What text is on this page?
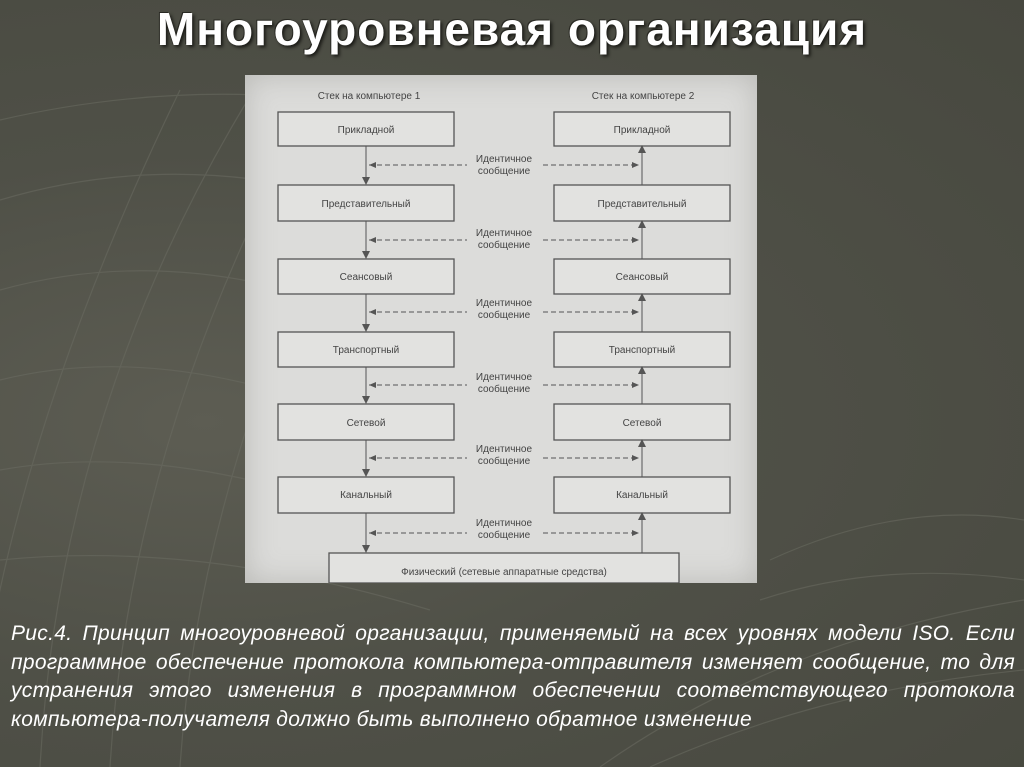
Многоуровневая организация
Стек на компьютере 1	Стек на компьютере 2
Прикладной	Прикладной
Идентичное
сообщение
Представительный	Представительный
Идентичное
сообщение
Сеансовый	Сеансовый
Идентичное
сообщение
Транспортный	Транспортный
Идентичное
сообщение
Сетевой	Сетевой
Идентичное
сообщение
Канальный	Канальный
Идентичное
сообщение
Физический (сетевые аппаратные средства)
Рис.4. Принцип многоуровневой организации, применяемый на всех уровнях модели ISO. Если программное обеспечение протокола компьютера-отправителя изменяет сообщение, то для устранения этого изменения в программном обеспечении соответствующего протокола компьютера-получателя должно быть выполнено обратное изменение
